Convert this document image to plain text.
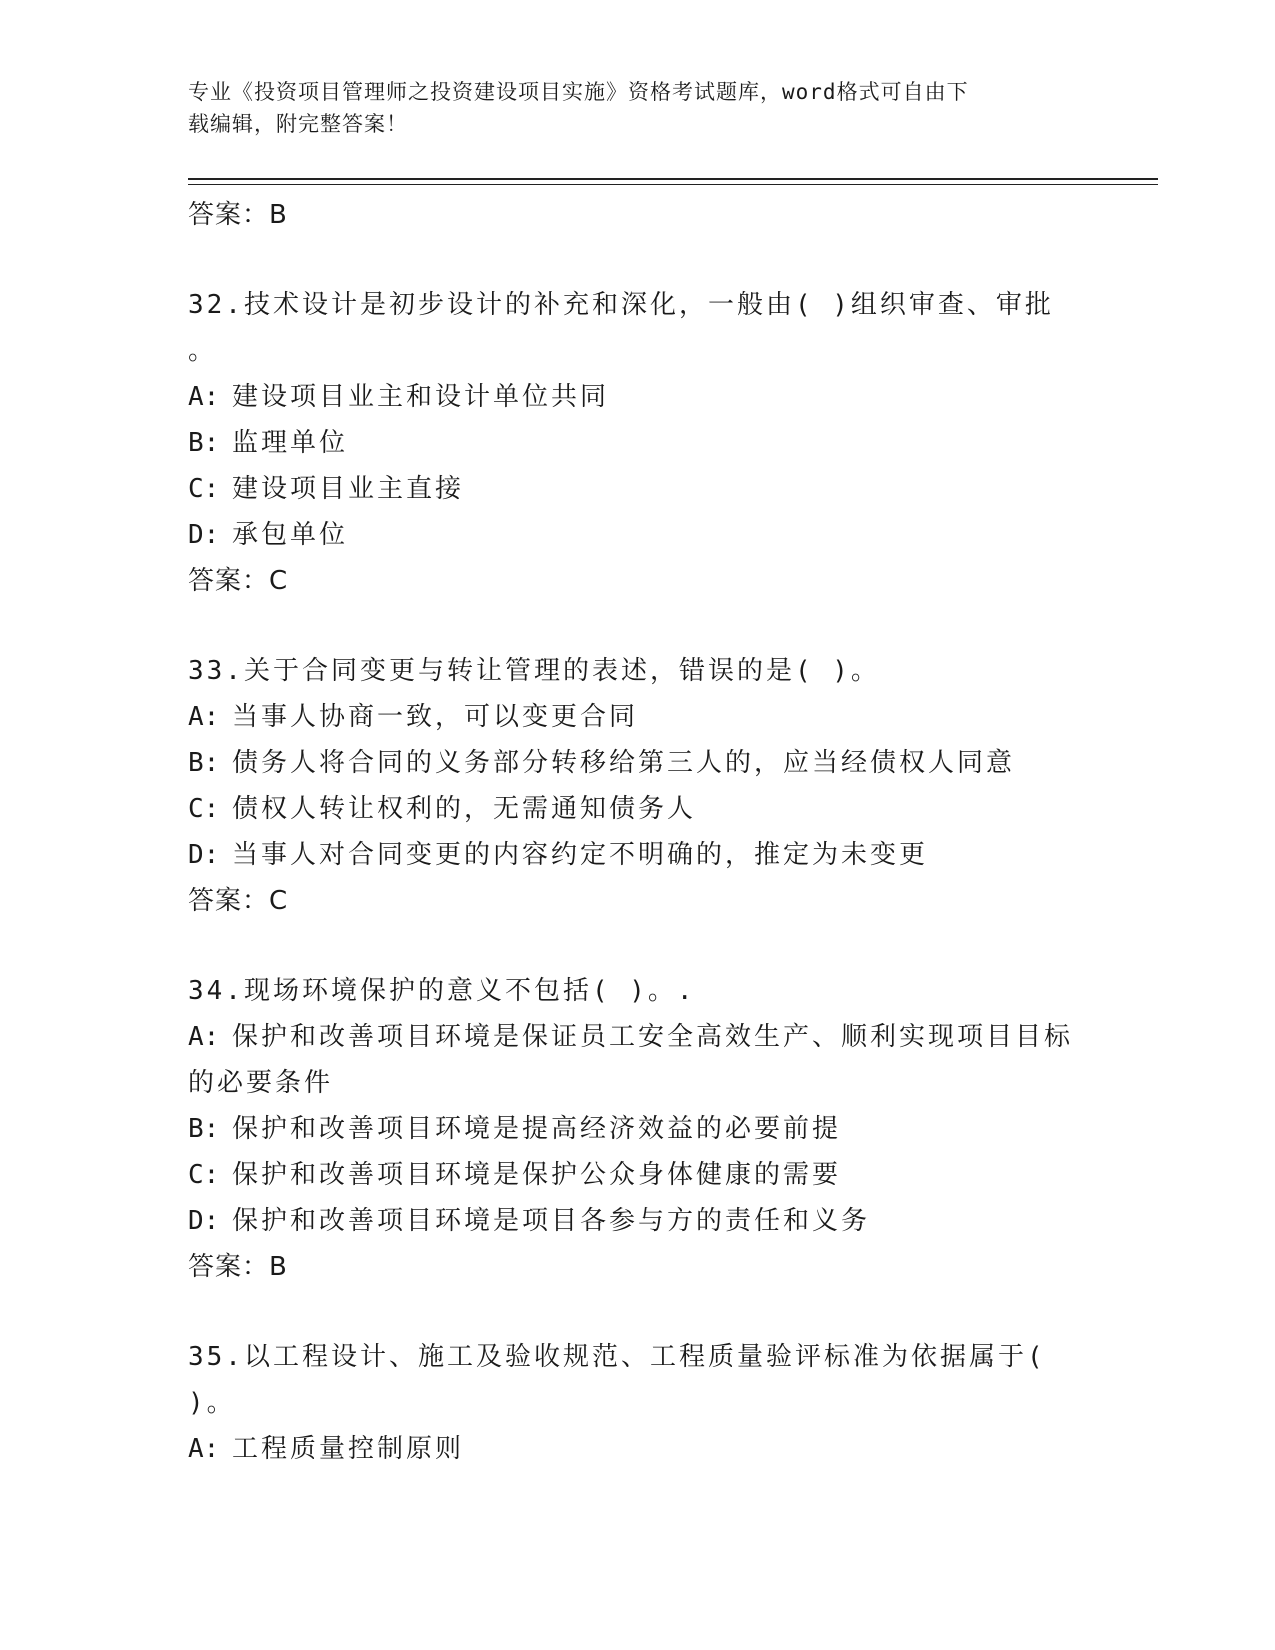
专业《投资项目管理师之投资建设项目实施》资格考试题库，word格式可自由下
载编辑，附完整答案！
答案：B
32.技术设计是初步设计的补充和深化，一般由( )组织审查、审批
。
A: 建设项目业主和设计单位共同
B: 监理单位
C: 建设项目业主直接
D: 承包单位
答案：C
33.关于合同变更与转让管理的表述，错误的是( )。
A: 当事人协商一致，可以变更合同
B: 债务人将合同的义务部分转移给第三人的，应当经债权人同意
C: 债权人转让权利的，无需通知债务人
D: 当事人对合同变更的内容约定不明确的，推定为未变更
答案：C
34.现场环境保护的意义不包括( )。.
A: 保护和改善项目环境是保证员工安全高效生产、顺利实现项目目标
的必要条件
B: 保护和改善项目环境是提高经济效益的必要前提
C: 保护和改善项目环境是保护公众身体健康的需要
D: 保护和改善项目环境是项目各参与方的责任和义务
答案：B
35.以工程设计、施工及验收规范、工程质量验评标准为依据属于(
)。
A: 工程质量控制原则
